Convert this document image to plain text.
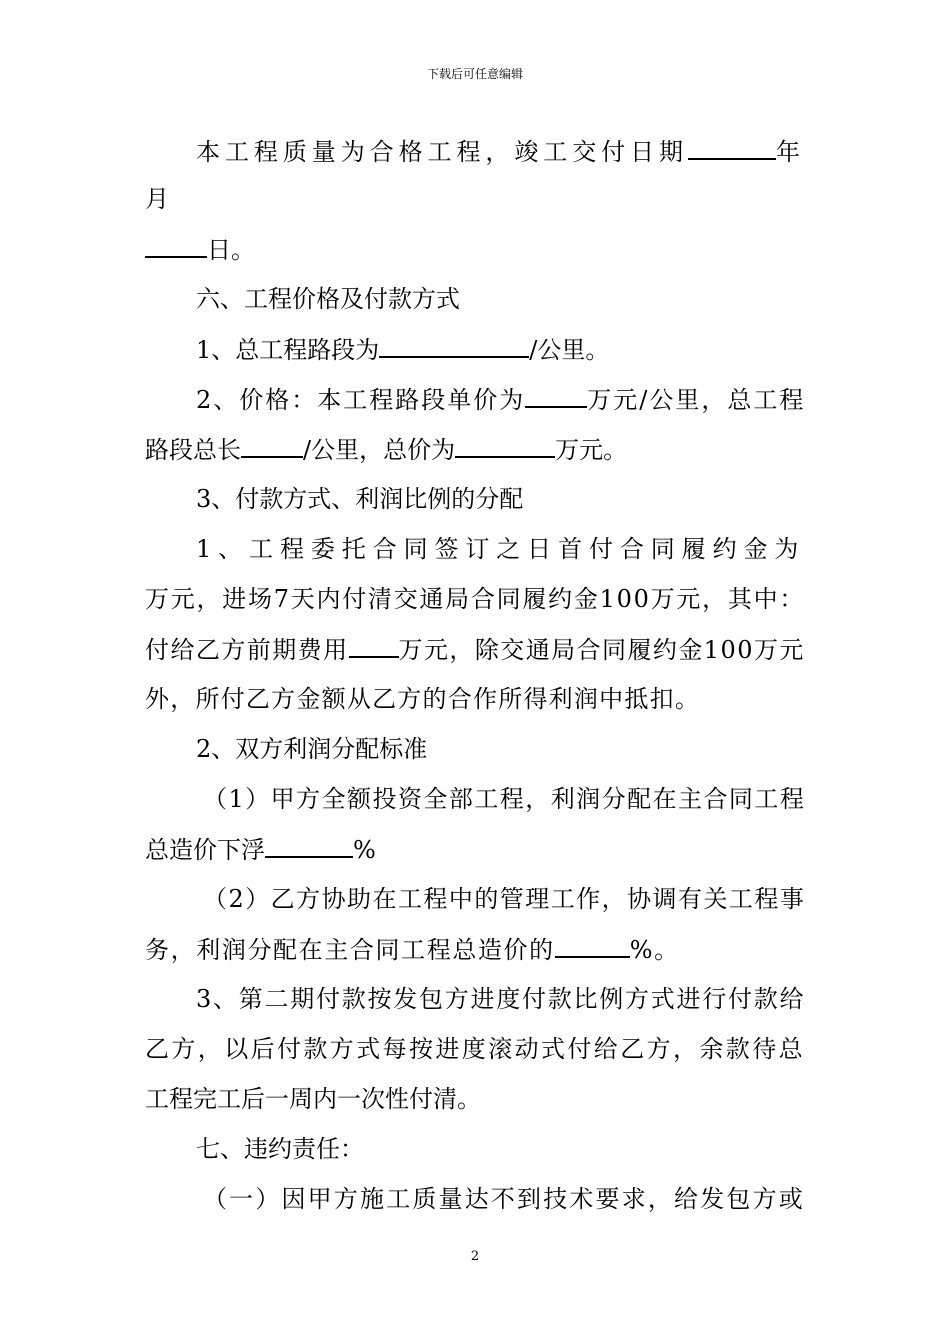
下载后可任意编辑
本工程质量为合格工程，竣工交付日期	年
月
日。
六、工程价格及付款方式
1、总工程路段为	/公里。
2、价格：本工程路段单价为	万元/公里，总工程
路段总长	/公里，总价为	万元。
3、付款方式、利润比例的分配
1、工程委托合同签订之日首付合同履约金为
万元，进场7天内付清交通局合同履约金100万元，其中：
付给乙方前期费用 万元，除交通局合同履约金100万元
外，所付乙方金额从乙方的合作所得利润中抵扣。
2、双方利润分配标准
（1）甲方全额投资全部工程，利润分配在主合同工程
总造价下浮	%
（2）乙方协助在工程中的管理工作，协调有关工程事
务，利润分配在主合同工程总造价的	%。
3、第二期付款按发包方进度付款比例方式进行付款给
乙方，以后付款方式每按进度滚动式付给乙方，余款待总
工程完工后一周内一次性付清。
七、违约责任：
（一）因甲方施工质量达不到技术要求，给发包方或
2
